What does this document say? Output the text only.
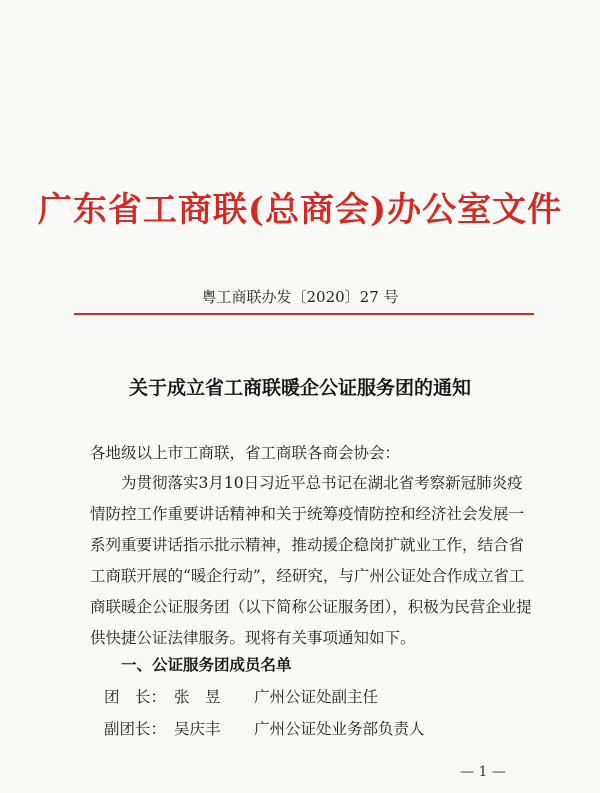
广东省工商联(总商会)办公室文件
粤工商联办发〔2020〕27 号
关于成立省工商联暖企公证服务团的通知
各地级以上市工商联，省工商联各商会协会：
为贯彻落实3月10日习近平总书记在湖北省考察新冠肺炎疫
情防控工作重要讲话精神和关于统筹疫情防控和经济社会发展一
系列重要讲话指示批示精神，推动援企稳岗扩就业工作，结合省
工商联开展的“暖企行动”，经研究，与广州公证处合作成立省工
商联暖企公证服务团（以下简称公证服务团），积极为民营企业提
供快捷公证法律服务。现将有关事项通知如下。
一、公证服务团成员名单
团　长： 张　昱 广州公证处副主任
副团长： 吴庆丰 广州公证处业务部负责人
— 1 —
